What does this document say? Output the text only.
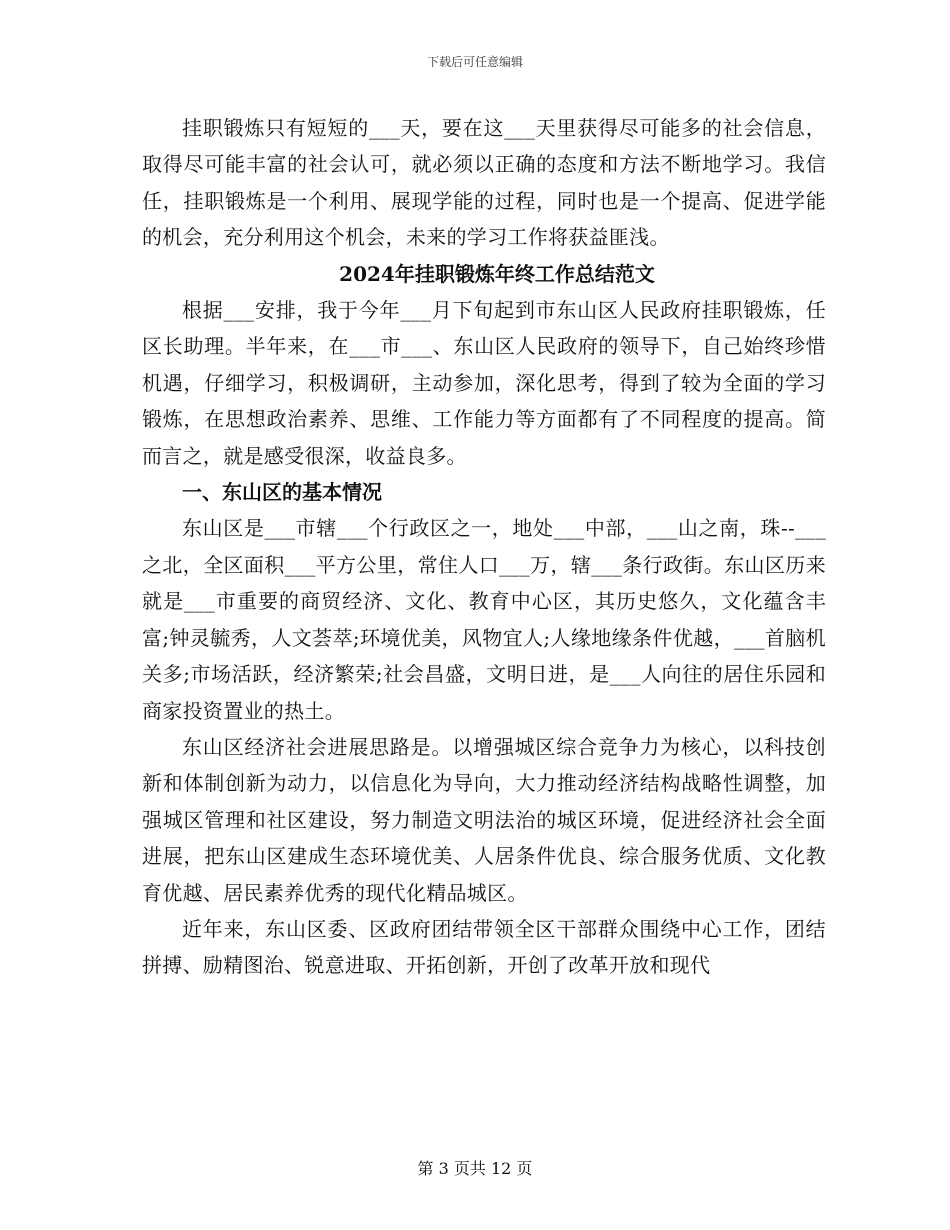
下载后可任意编辑

挂职锻炼只有短短的___天，要在这___天里获得尽可能多的社会信息，取得尽可能丰富的社会认可，就必须以正确的态度和方法不断地学习。我信任，挂职锻炼是一个利用、展现学能的过程，同时也是一个提高、促进学能的机会，充分利用这个机会，未来的学习工作将获益匪浅。

2024年挂职锻炼年终工作总结范文

根据___安排，我于今年___月下旬起到市东山区人民政府挂职锻炼，任区长助理。半年来，在___市___、东山区人民政府的领导下，自己始终珍惜机遇，仔细学习，积极调研，主动参加，深化思考，得到了较为全面的学习锻炼，在思想政治素养、思维、工作能力等方面都有了不同程度的提高。简而言之，就是感受很深，收益良多。

一、东山区的基本情况

东山区是___市辖___个行政区之一，地处___中部，___山之南，珠--___之北，全区面积___平方公里，常住人口___万，辖___条行政街。东山区历来就是___市重要的商贸经济、文化、教育中心区，其历史悠久，文化蕴含丰富;钟灵毓秀，人文荟萃;环境优美，风物宜人;人缘地缘条件优越，___首脑机关多;市场活跃，经济繁荣;社会昌盛，文明日进，是___人向往的居住乐园和商家投资置业的热土。

东山区经济社会进展思路是。以增强城区综合竞争力为核心，以科技创新和体制创新为动力，以信息化为导向，大力推动经济结构战略性调整，加强城区管理和社区建设，努力制造文明法治的城区环境，促进经济社会全面进展，把东山区建成生态环境优美、人居条件优良、综合服务优质、文化教育优越、居民素养优秀的现代化精品城区。

近年来，东山区委、区政府团结带领全区干部群众围绕中心工作，团结拼搏、励精图治、锐意进取、开拓创新，开创了改革开放和现代

第 3 页共 12 页
